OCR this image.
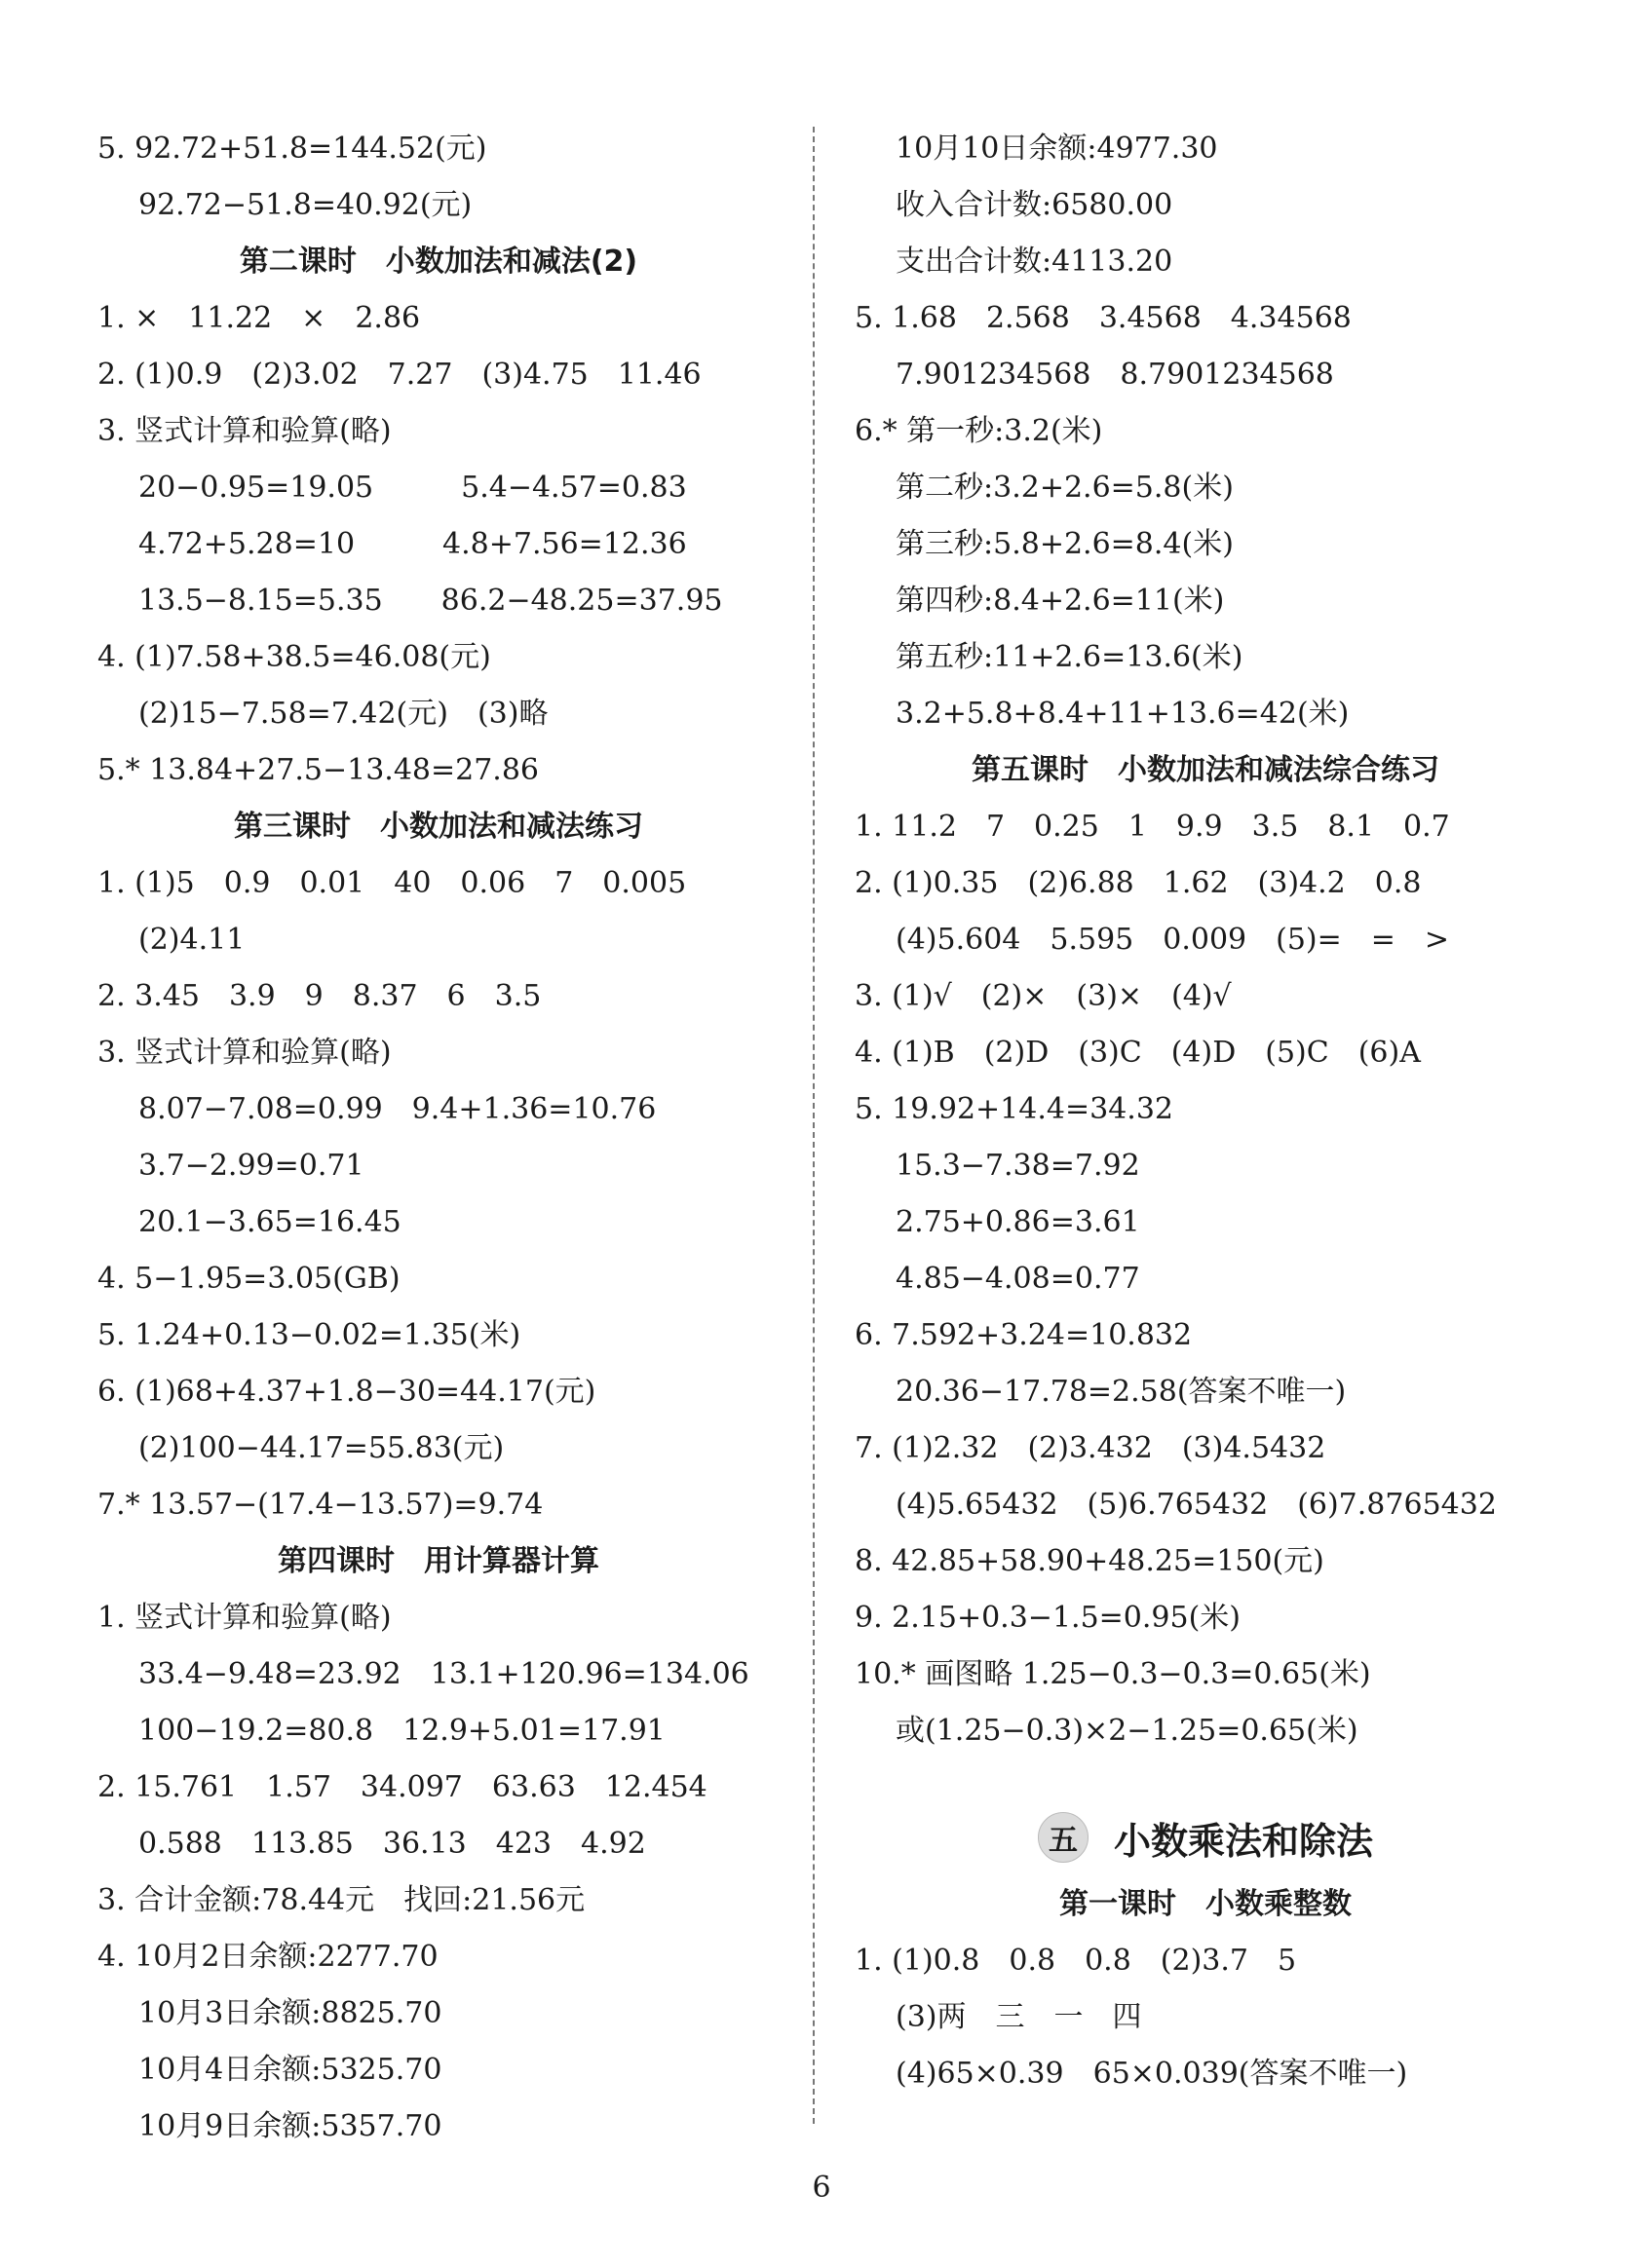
5. 92.72+51.8=144.52(元)
92.72−51.8=40.92(元)
第二课时　小数加法和减法(2)
1. ×　11.22　×　2.86
2. (1)0.9　(2)3.02　7.27　(3)4.75　11.46
3. 竖式计算和验算(略)
20−0.95=19.05　　　5.4−4.57=0.83
4.72+5.28=10　　　4.8+7.56=12.36
13.5−8.15=5.35　　86.2−48.25=37.95
4. (1)7.58+38.5=46.08(元)
(2)15−7.58=7.42(元)　(3)略
5.* 13.84+27.5−13.48=27.86
第三课时　小数加法和减法练习
1. (1)5　0.9　0.01　40　0.06　7　0.005
(2)4.11
2. 3.45　3.9　9　8.37　6　3.5
3. 竖式计算和验算(略)
8.07−7.08=0.99　9.4+1.36=10.76
3.7−2.99=0.71
20.1−3.65=16.45
4. 5−1.95=3.05(GB)
5. 1.24+0.13−0.02=1.35(米)
6. (1)68+4.37+1.8−30=44.17(元)
(2)100−44.17=55.83(元)
7.* 13.57−(17.4−13.57)=9.74
第四课时　用计算器计算
1. 竖式计算和验算(略)
33.4−9.48=23.92　13.1+120.96=134.06
100−19.2=80.8　12.9+5.01=17.91
2. 15.761　1.57　34.097　63.63　12.454
0.588　113.85　36.13　423　4.92
3. 合计金额:78.44元　找回:21.56元
4. 10月2日余额:2277.70
10月3日余额:8825.70
10月4日余额:5325.70
10月9日余额:5357.70
10月10日余额:4977.30
收入合计数:6580.00
支出合计数:4113.20
5. 1.68　2.568　3.4568　4.34568
7.901234568　8.7901234568
6.* 第一秒:3.2(米)
第二秒:3.2+2.6=5.8(米)
第三秒:5.8+2.6=8.4(米)
第四秒:8.4+2.6=11(米)
第五秒:11+2.6=13.6(米)
3.2+5.8+8.4+11+13.6=42(米)
第五课时　小数加法和减法综合练习
1. 11.2　7　0.25　1　9.9　3.5　8.1　0.7
2. (1)0.35　(2)6.88　1.62　(3)4.2　0.8
(4)5.604　5.595　0.009　(5)=　=　>
3. (1)√　(2)×　(3)×　(4)√
4. (1)B　(2)D　(3)C　(4)D　(5)C　(6)A
5. 19.92+14.4=34.32
15.3−7.38=7.92
2.75+0.86=3.61
4.85−4.08=0.77
6. 7.592+3.24=10.832
20.36−17.78=2.58(答案不唯一)
7. (1)2.32　(2)3.432　(3)4.5432
(4)5.65432　(5)6.765432　(6)7.8765432
8. 42.85+58.90+48.25=150(元)
9. 2.15+0.3−1.5=0.95(米)
10.* 画图略 1.25−0.3−0.3=0.65(米)
或(1.25−0.3)×2−1.25=0.65(米)
五 小数乘法和除法
第一课时　小数乘整数
1. (1)0.8　0.8　0.8　(2)3.7　5
(3)两　三　一　四
(4)65×0.39　65×0.039(答案不唯一)
6
